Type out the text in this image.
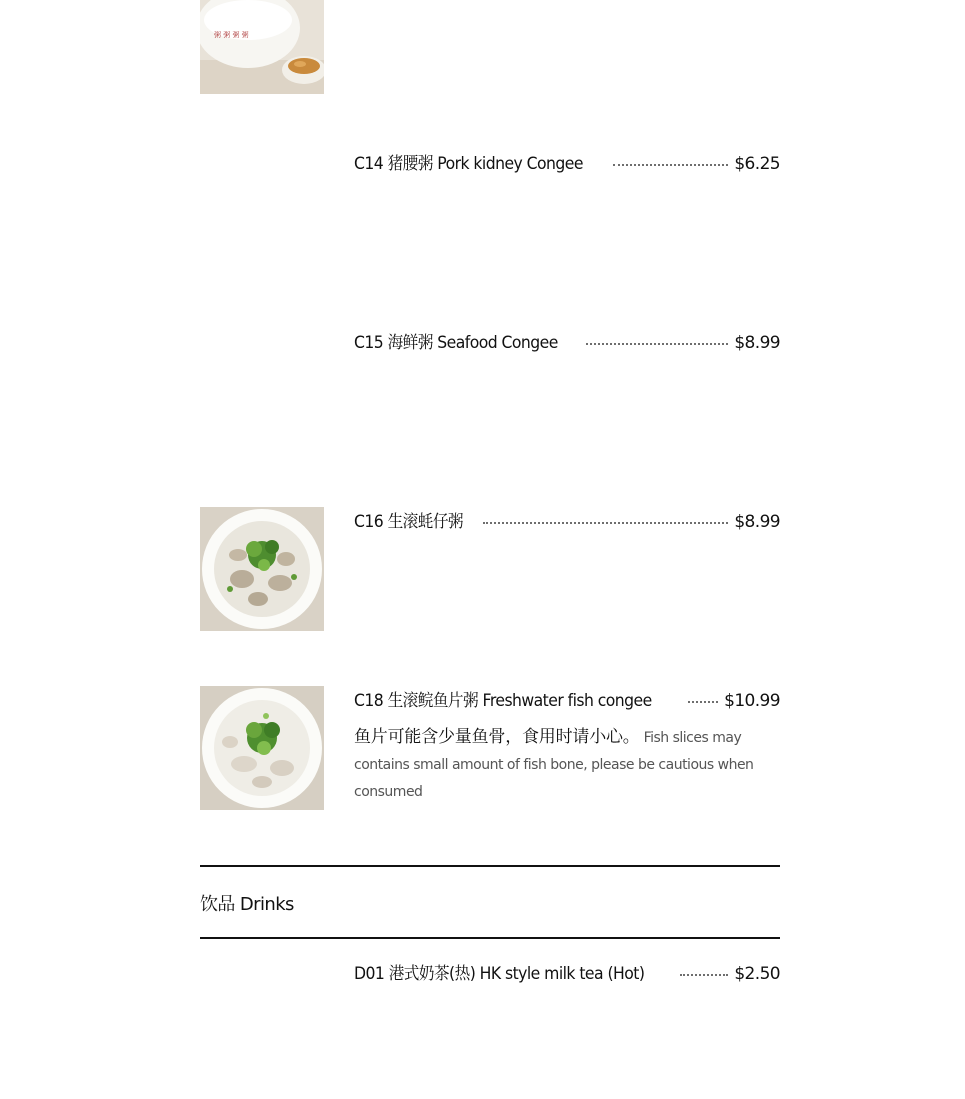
粥 粥 粥 粥
C14 猪腰粥 Pork kidney Congee	$6.25
C15 海鲜粥 Seafood Congee	$8.99
C16 生滚蚝仔粥	$8.99
C18 生滚鲩鱼片粥 Freshwater fish congee	$10.99
鱼片可能含少量鱼骨，食用时请小心。 Fish slices may contains small amount of fish bone, please be cautious when consumed
饮品 Drinks
D01 港式奶茶(热) HK style milk tea (Hot)	$2.50
